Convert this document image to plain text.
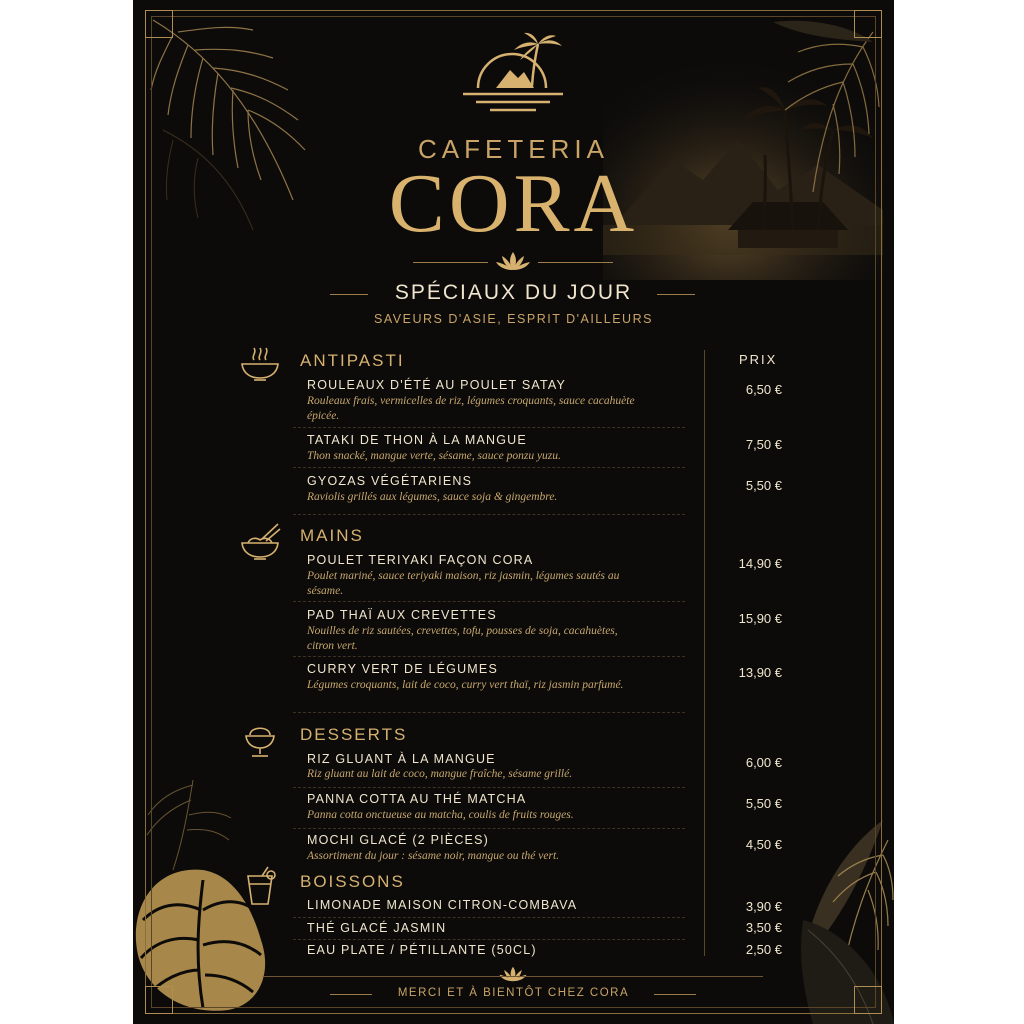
CAFETERIA
CORA
SPÉCIAUX DU JOUR
SAVEURS D'ASIE, ESPRIT D'AILLEURS
PRIX
ANTIPASTI
ROULEAUX D'ÉTÉ AU POULET SATAY
Rouleaux frais, vermicelles de riz, légumes croquants, sauce cacahuète épicée.
6,50 €
TATAKI DE THON À LA MANGUE
Thon snacké, mangue verte, sésame, sauce ponzu yuzu.
7,50 €
GYOZAS VÉGÉTARIENS
Raviolis grillés aux légumes, sauce soja & gingembre.
5,50 €
MAINS
POULET TERIYAKI FAÇON CORA
Poulet mariné, sauce teriyaki maison, riz jasmin, légumes sautés au sésame.
14,90 €
PAD THAÏ AUX CREVETTES
Nouilles de riz sautées, crevettes, tofu, pousses de soja, cacahuètes, citron vert.
15,90 €
CURRY VERT DE LÉGUMES
Légumes croquants, lait de coco, curry vert thaï, riz jasmin parfumé.
13,90 €
DESSERTS
RIZ GLUANT À LA MANGUE
Riz gluant au lait de coco, mangue fraîche, sésame grillé.
6,00 €
PANNA COTTA AU THÉ MATCHA
Panna cotta onctueuse au matcha, coulis de fruits rouges.
5,50 €
MOCHI GLACÉ (2 PIÈCES)
Assortiment du jour : sésame noir, mangue ou thé vert.
4,50 €
BOISSONS
LIMONADE MAISON CITRON-COMBAVA	3,90 €
THÉ GLACÉ JASMIN	3,50 €
EAU PLATE / PÉTILLANTE (50CL)	2,50 €
MERCI ET À BIENTÔT CHEZ CORA
